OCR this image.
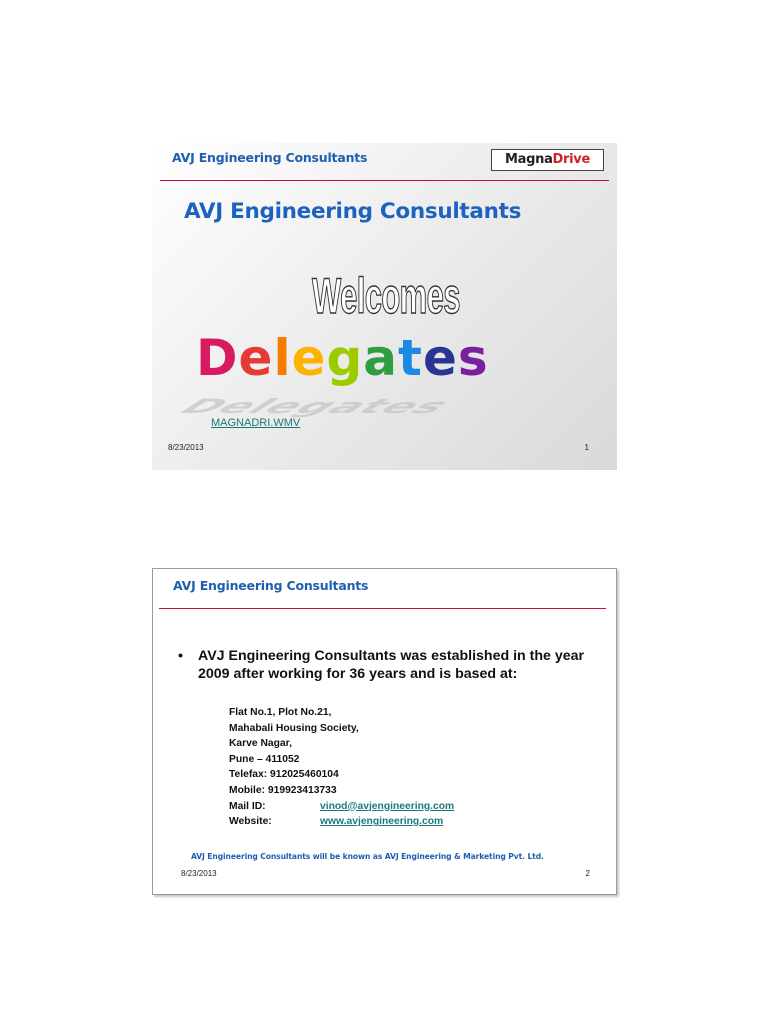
AVJ Engineering Consultants	MagnaDrive
AVJ Engineering Consultants
Welcomes
Delegates
Delegates
MAGNADRI.WMV
8/23/2013	1
AVJ Engineering Consultants
• AVJ Engineering Consultants was established in the year 2009 after working for 36 years and is based at:
Flat No.1, Plot No.21,
Mahabali Housing Society,
Karve Nagar,
Pune – 411052
Telefax: 912025460104
Mobile: 919923413733
Mail ID:	vinod@avjengineering.com
Website:	www.avjengineering.com
AVJ Engineering Consultants will be known as AVJ Engineering & Marketing Pvt. Ltd.
8/23/2013	2
